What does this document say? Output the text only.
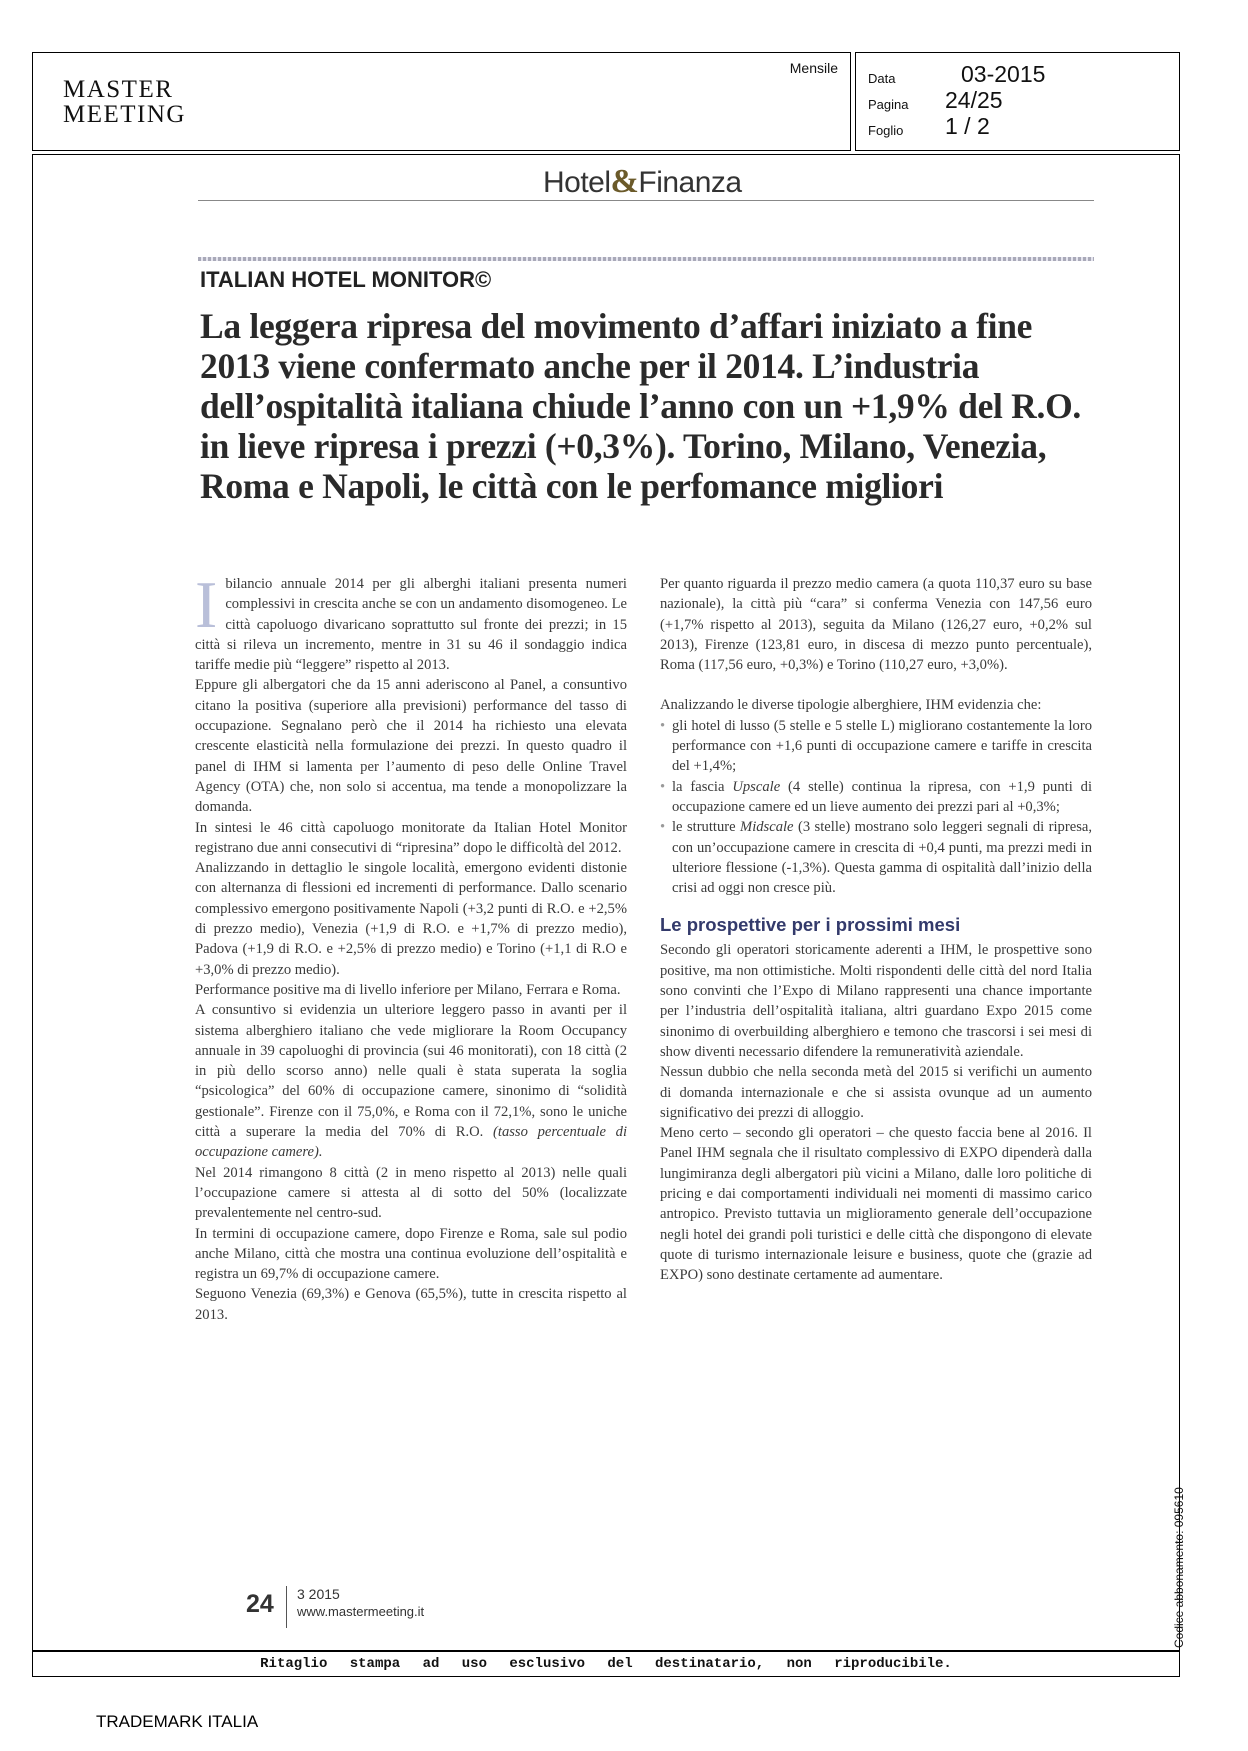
MASTER
MEETING
Mensile
Data	03-2015
Pagina 24/25
Foglio 1 / 2
Hotel&Finanza
ITALIAN HOTEL MONITOR©
La leggera ripresa del movimento d’affari iniziato a fine 2013 viene confermato anche per il 2014. L’industria dell’ospitalità italiana chiude l’anno con un +1,9% del R.O. in lieve ripresa i prezzi (+0,3%). Torino, Milano, Venezia, Roma e Napoli, le città con le perfomance migliori

Ibilancio annuale 2014 per gli alberghi italiani presenta numeri complessivi in crescita anche se con un andamento disomogeneo. Le città capoluogo divaricano soprattutto sul fronte dei prezzi; in 15 città si rileva un incremento, mentre in 31 su 46 il sondaggio indica tariffe medie più “leggere” rispetto al 2013.

Eppure gli albergatori che da 15 anni aderiscono al Panel, a consuntivo citano la positiva (superiore alla previsioni) performance del tasso di occupazione. Segnalano però che il 2014 ha richiesto una elevata crescente elasticità nella formulazione dei prezzi. In questo quadro il panel di IHM si lamenta per l’aumento di peso delle Online Travel Agency (OTA) che, non solo si accentua, ma tende a monopolizzare la domanda.

In sintesi le 46 città capoluogo monitorate da Italian Hotel Monitor registrano due anni consecutivi di “ripresina” dopo le difficoltà del 2012.

Analizzando in dettaglio le singole località, emergono evidenti distonie con alternanza di flessioni ed incrementi di performance. Dallo scenario complessivo emergono positivamente Napoli (+3,2 punti di R.O. e +2,5% di prezzo medio), Venezia (+1,9 di R.O. e +1,7% di prezzo medio), Padova (+1,9 di R.O. e +2,5% di prezzo medio) e Torino (+1,1 di R.O e +3,0% di prezzo medio).

Performance positive ma di livello inferiore per Milano, Ferrara e Roma.

A consuntivo si evidenzia un ulteriore leggero passo in avanti per il sistema alberghiero italiano che vede migliorare la Room Occupancy annuale in 39 capoluoghi di provincia (sui 46 monitorati), con 18 città (2 in più dello scorso anno) nelle quali è stata superata la soglia “psicologica” del 60% di occupazione camere, sinonimo di “solidità gestionale”. Firenze con il 75,0%, e Roma con il 72,1%, sono le uniche città a superare la media del 70% di R.O. (tasso percentuale di occupazione camere).

Nel 2014 rimangono 8 città (2 in meno rispetto al 2013) nelle quali l’occupazione camere si attesta al di sotto del 50% (localizzate prevalentemente nel centro-sud.

In termini di occupazione camere, dopo Firenze e Roma, sale sul podio anche Milano, città che mostra una continua evoluzione dell’ospitalità e registra un 69,7% di occupazione camere.

Seguono Venezia (69,3%) e Genova (65,5%), tutte in crescita rispetto al 2013.

Per quanto riguarda il prezzo medio camera (a quota 110,37 euro su base nazionale), la città più “cara” si conferma Venezia con 147,56 euro (+1,7% rispetto al 2013), seguita da Milano (126,27 euro, +0,2% sul 2013), Firenze (123,81 euro, in discesa di mezzo punto percentuale), Roma (117,56 euro, +0,3%) e Torino (110,27 euro, +3,0%).

Analizzando le diverse tipologie alberghiere, IHM evidenzia che:

• gli hotel di lusso (5 stelle e 5 stelle L) migliorano costantemente la loro performance con +1,6 punti di occupazione camere e tariffe in crescita del +1,4%;
• la fascia Upscale (4 stelle) continua la ripresa, con +1,9 punti di occupazione camere ed un lieve aumento dei prezzi pari al +0,3%;
• le strutture Midscale (3 stelle) mostrano solo leggeri segnali di ripresa, con un’occupazione camere in crescita di +0,4 punti, ma prezzi medi in ulteriore flessione (-1,3%). Questa gamma di ospitalità dall’inizio della crisi ad oggi non cresce più.
Le prospettive per i prossimi mesi

Secondo gli operatori storicamente aderenti a IHM, le prospettive sono positive, ma non ottimistiche. Molti rispondenti delle città del nord Italia sono convinti che l’Expo di Milano rappresenti una chance importante per l’industria dell’ospitalità italiana, altri guardano Expo 2015 come sinonimo di overbuilding alberghiero e temono che trascorsi i sei mesi di show diventi necessario difendere la remuneratività aziendale.

Nessun dubbio che nella seconda metà del 2015 si verifichi un aumento di domanda internazionale e che si assista ovunque ad un aumento significativo dei prezzi di alloggio.

Meno certo – secondo gli operatori – che questo faccia bene al 2016. Il Panel IHM segnala che il risultato complessivo di EXPO dipenderà dalla lungimiranza degli albergatori più vicini a Milano, dalle loro politiche di pricing e dai comportamenti individuali nei momenti di massimo carico antropico. Previsto tuttavia un miglioramento generale dell’occupazione negli hotel dei grandi poli turistici e delle città che dispongono di elevate quote di turismo internazionale leisure e business, quote che (grazie ad EXPO) sono destinate certamente ad aumentare.

24 3 2015
www.mastermeeting.it
Ritaglio stampa ad uso esclusivo del destinatario, non riproducibile.
Codice abbonamento: 095610
TRADEMARK ITALIA
